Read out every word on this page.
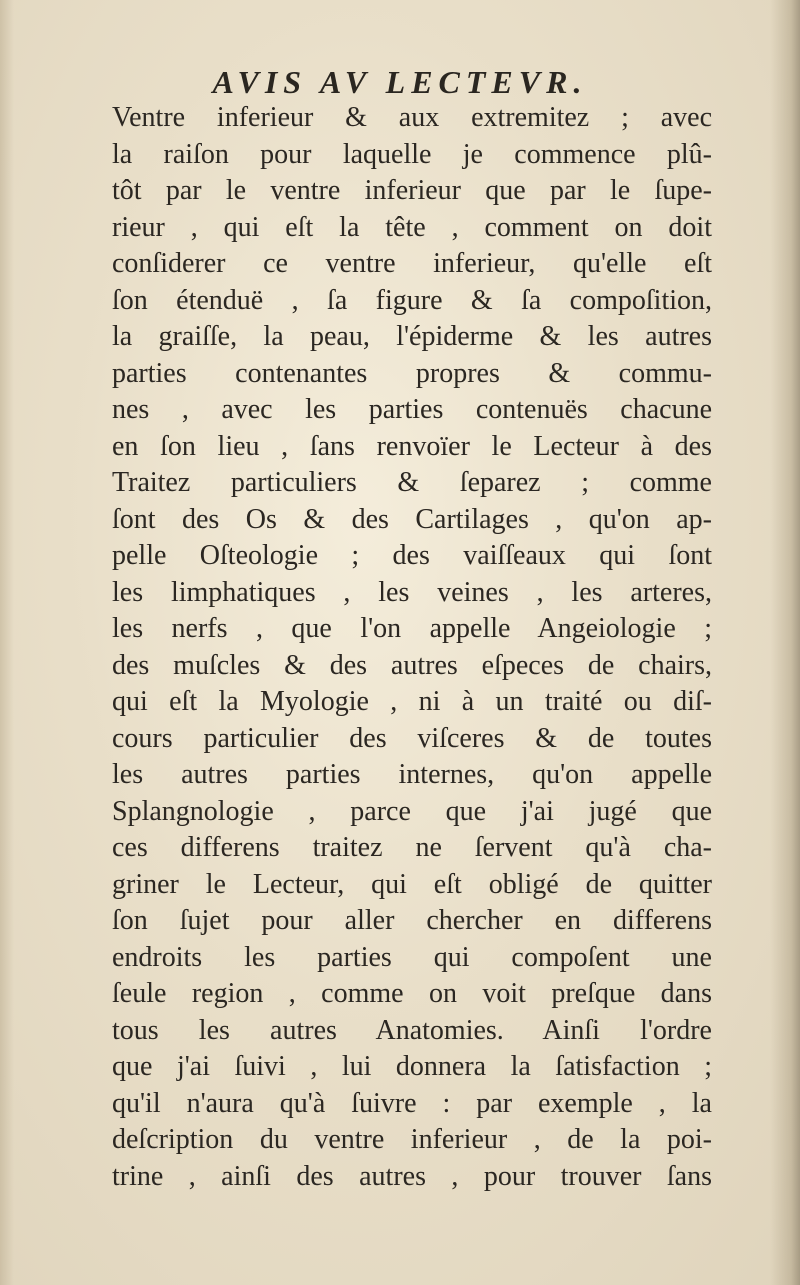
AVIS AV LECTEVR.
Ventre inferieur & aux extremitez ; avec
la raiſon pour laquelle je commence plû-
tôt par le ventre inferieur que par le ſupe-
rieur , qui eſt la tête , comment on doit
conſiderer ce ventre inferieur, qu'elle eſt
ſon étenduë , ſa figure & ſa compoſition,
la graiſſe, la peau, l'épiderme & les autres
parties contenantes propres & commu-
nes , avec les parties contenuës chacune
en ſon lieu , ſans renvoïer le Lecteur à des
Traitez particuliers & ſeparez ; comme
ſont des Os & des Cartilages , qu'on ap-
pelle Oſteologie ; des vaiſſeaux qui ſont
les limphatiques , les veines , les arteres,
les nerfs , que l'on appelle Angeiologie ;
des muſcles & des autres eſpeces de chairs,
qui eſt la Myologie , ni à un traité ou diſ-
cours particulier des viſceres & de toutes
les autres parties internes, qu'on appelle
Splangnologie , parce que j'ai jugé que
ces differens traitez ne ſervent qu'à cha-
griner le Lecteur, qui eſt obligé de quitter
ſon ſujet pour aller chercher en differens
endroits les parties qui compoſent une
ſeule region , comme on voit preſque dans
tous les autres Anatomies. Ainſi l'ordre
que j'ai ſuivi , lui donnera la ſatisfaction ;
qu'il n'aura qu'à ſuivre : par exemple , la
deſcription du ventre inferieur , de la poi-
trine , ainſi des autres , pour trouver ſans
